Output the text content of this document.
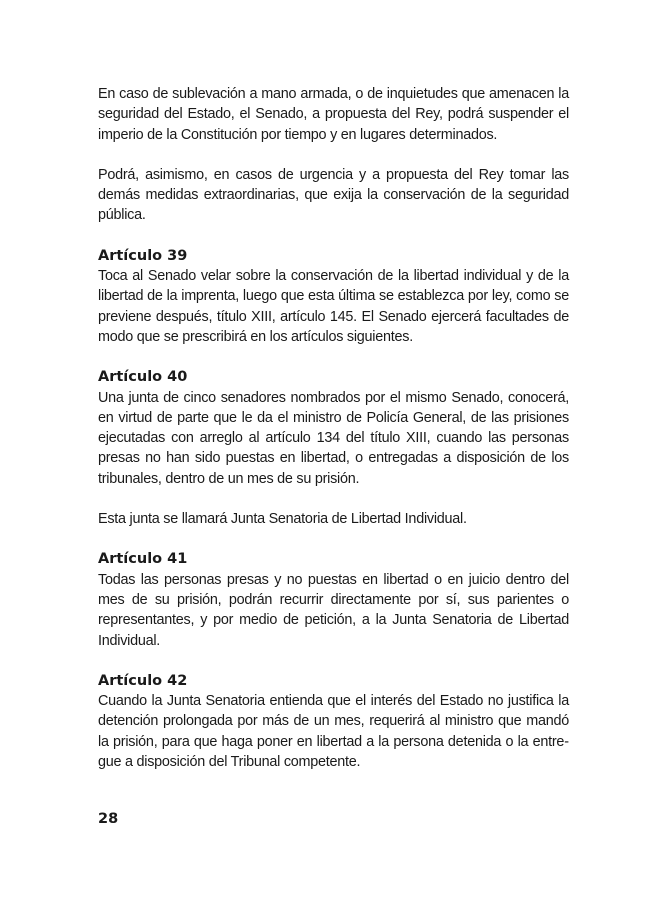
En caso de sublevación a mano armada, o de inquietudes que amenacen la seguridad del Estado, el Senado, a propuesta del Rey, podrá suspender el imperio de la Constitución por tiempo y en lugares determinados.

Podrá, asimismo, en casos de urgencia y a propuesta del Rey tomar las demás medidas extraordinarias, que exija la conservación de la seguridad pública.

Artículo 39

Toca al Senado velar sobre la conservación de la libertad individual y de la libertad de la imprenta, luego que esta última se establezca por ley, como se previene después, título XIII, artículo 145. El Senado ejercerá facultades de modo que se prescribirá en los artículos siguientes.

Artículo 40

Una junta de cinco senadores nombrados por el mismo Senado, conocerá, en virtud de parte que le da el ministro de Policía General, de las prisiones ejecutadas con arreglo al artículo 134 del título XIII, cuando las personas presas no han sido puestas en libertad, o entregadas a disposición de los tribunales, dentro de un mes de su prisión.

Esta junta se llamará Junta Senatoria de Libertad Individual.

Artículo 41

Todas las personas presas y no puestas en libertad o en juicio dentro del mes de su prisión, podrán recurrir directamente por sí, sus parientes o representantes, y por medio de petición, a la Junta Senatoria de Libertad Individual.

Artículo 42

Cuando la Junta Senatoria entienda que el interés del Estado no justifica la detención prolongada por más de un mes, requerirá al ministro que mandó la prisión, para que haga poner en libertad a la persona detenida o la entregue a disposición del Tribunal competente.

28
